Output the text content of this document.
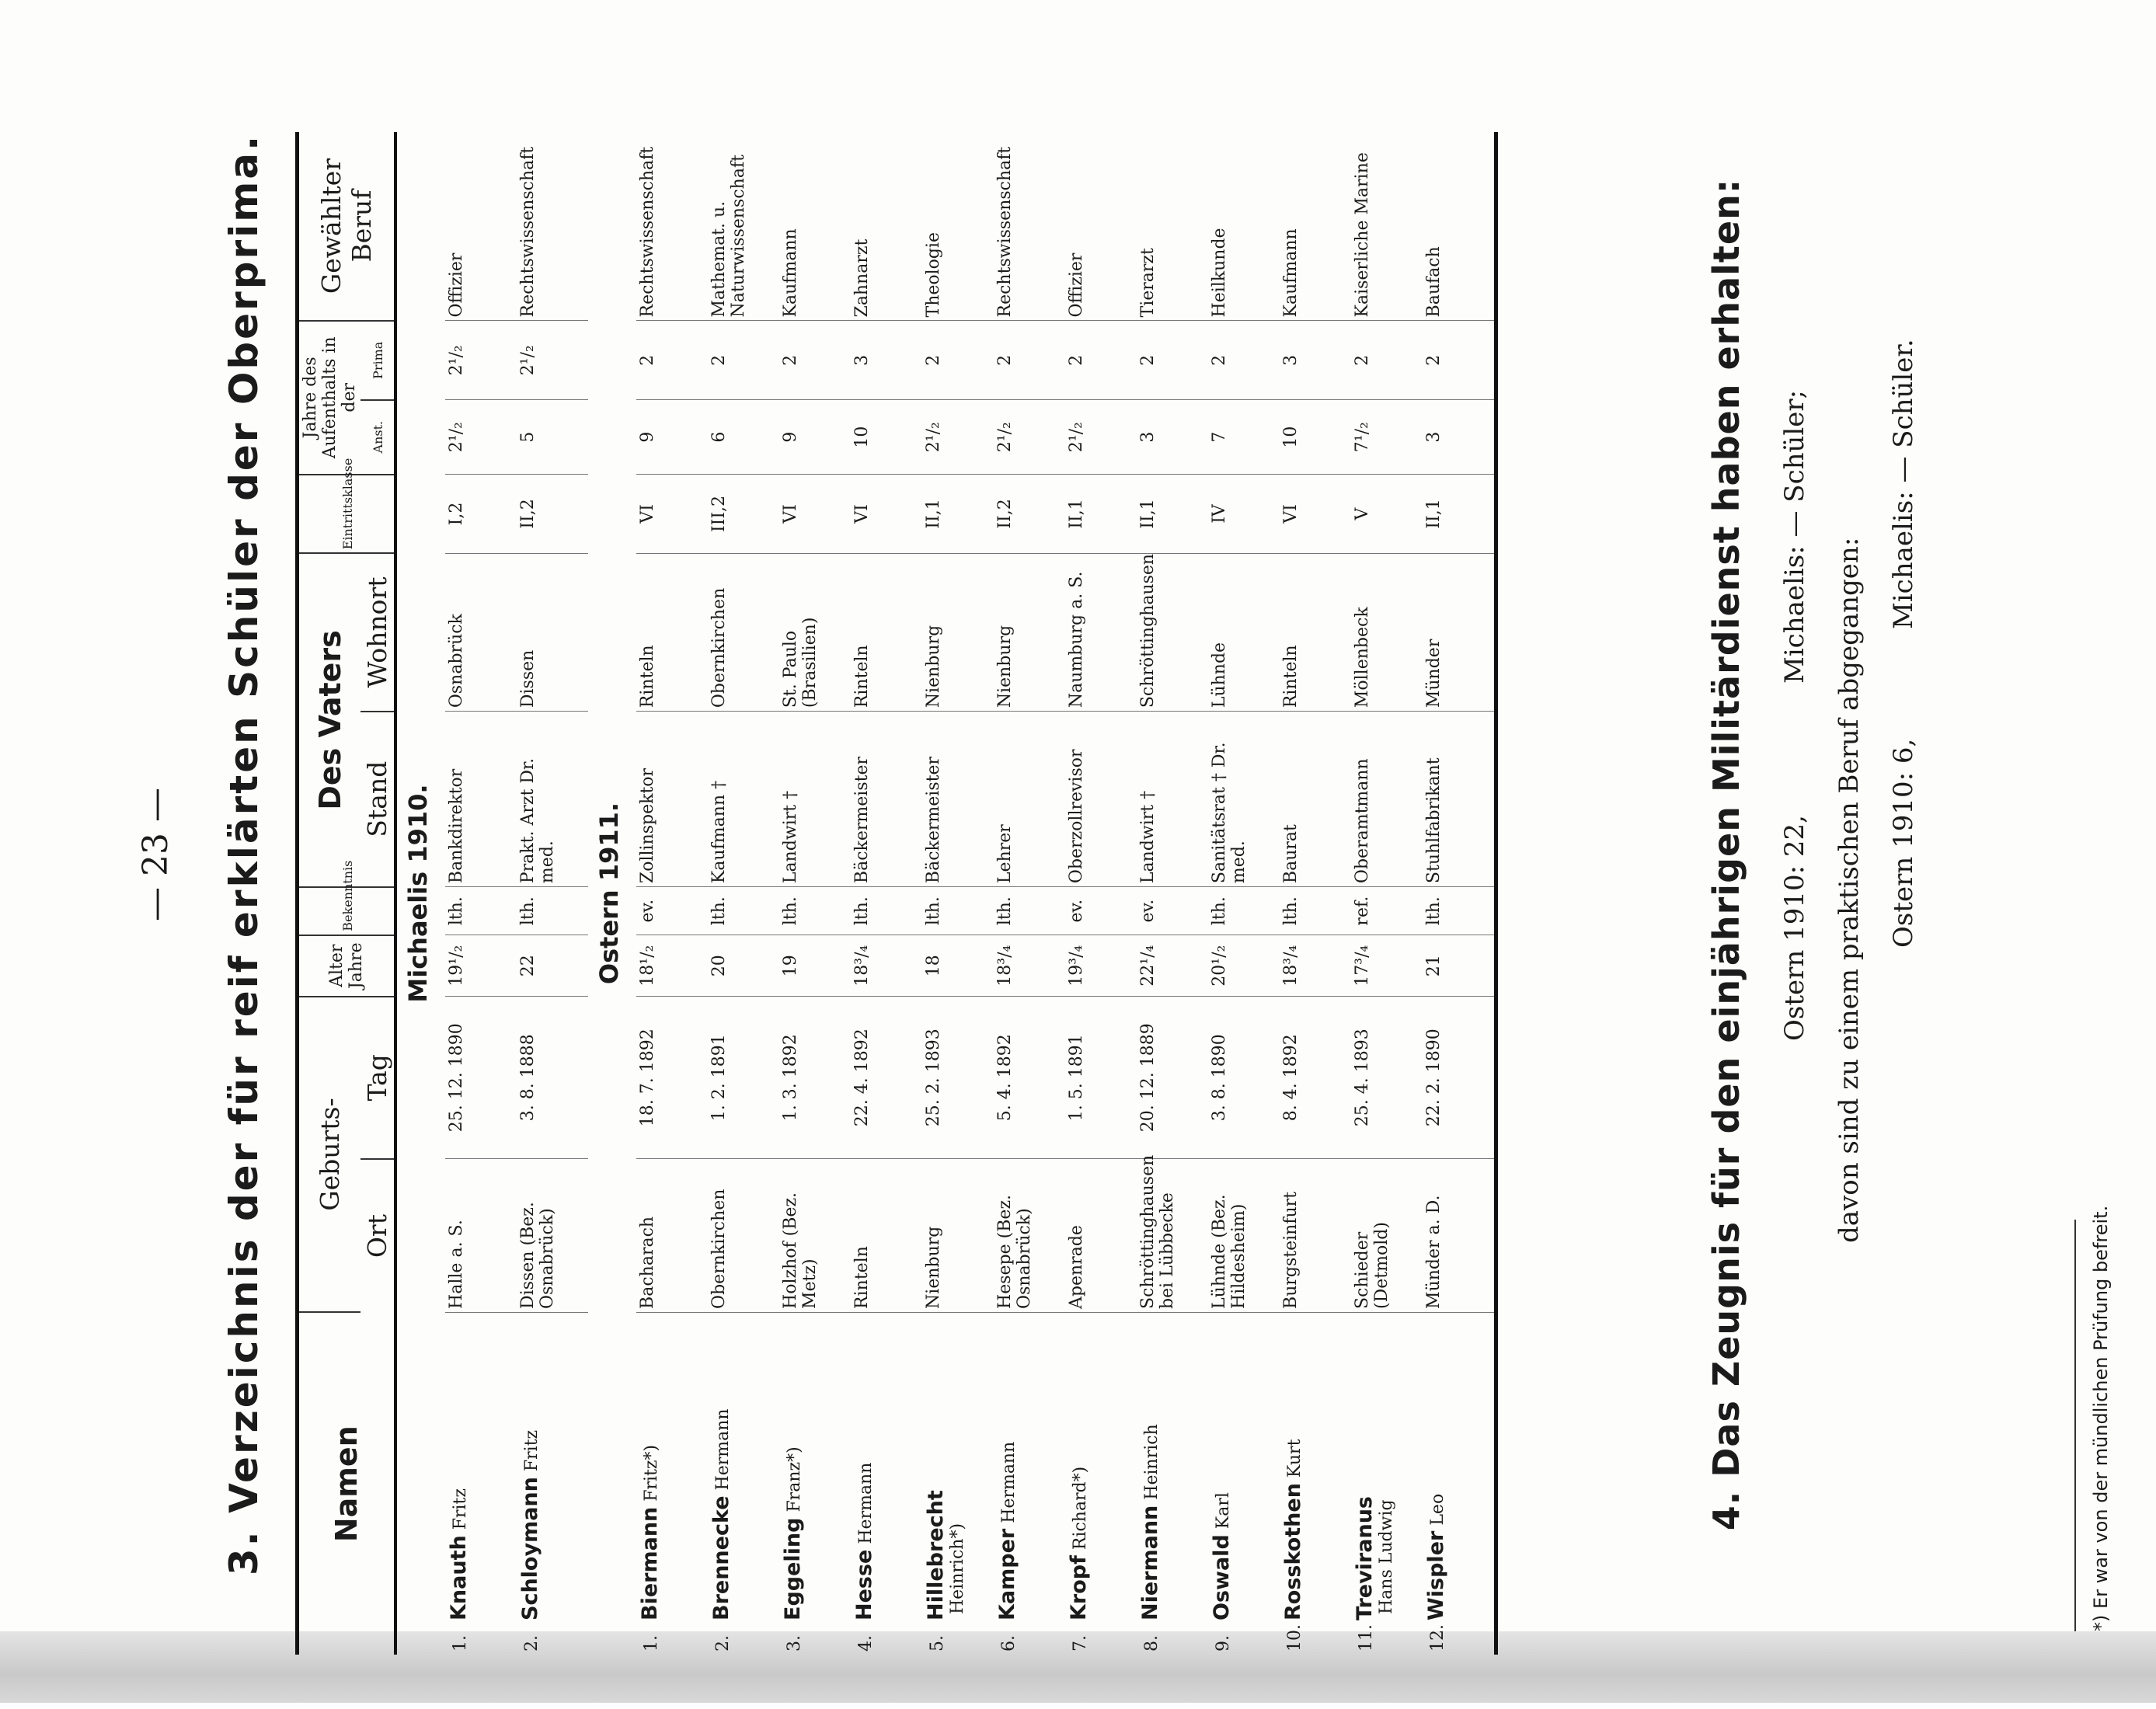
— 23 — 3. Verzeichnis der für reif erklärten Schüler der Oberprima. Namen	Geburts-		Alter
Jahre	Bekenntnis	Des Vaters		Eintrittsklasse	Jahre des Aufenthalts in der		Gewählter Beruf
	Ort	Tag			Stand	Wohnort		Anst.	Prima	

Michaelis 1910.										

1.Knauth Fritz	Halle a. S.	25. 12. 1890	19¹/₂	lth.	Bankdirektor	Osnabrück	I,2	2¹/₂	2¹/₂	Offizier
2.Schloymann Fritz	Dissen (Bez. Osnabrück)	3. 8. 1888	22	lth.	Prakt. Arzt Dr. med.	Dissen	II,2	5	2¹/₂	Rechtswissenschaft

Ostern 1911.										

1.Biermann Fritz*)	Bacharach	18. 7. 1892	18¹/₂	ev.	Zollinspektor	Rinteln	VI	9	2	Rechtswissenschaft
2.Brennecke Hermann	Obernkirchen	1. 2. 1891	20	lth.	Kaufmann †	Obernkirchen	III,2	6	2	Mathemat. u. Naturwissenschaft
3.Eggeling Franz*)	Holzhof (Bez. Metz)	1. 3. 1892	19	lth.	Landwirt †	St. Paulo (Brasilien)	VI	9	2	Kaufmann
4.Hesse Hermann	Rinteln	22. 4. 1892	18³/₄	lth.	Bäckermeister	Rinteln	VI	10	3	Zahnarzt
5.Hillebrecht Heinrich*)	Nienburg	25. 2. 1893	18	lth.	Bäckermeister	Nienburg	II,1	2¹/₂	2	Theologie
6.Kamper Hermann	Hesepe (Bez. Osnabrück)	5. 4. 1892	18³/₄	lth.	Lehrer	Nienburg	II,2	2¹/₂	2	Rechtswissenschaft
7.Kropf Richard*)	Apenrade	1. 5. 1891	19³/₄	ev.	Oberzollrevisor	Naumburg a. S.	II,1	2¹/₂	2	Offizier
8.Niermann Heinrich	Schröttinghausen bei Lübbecke	20. 12. 1889	22¹/₄	ev.	Landwirt †	Schröttinghausen	II,1	3	2	Tierarzt
9.Oswald Karl	Lühnde (Bez. Hildesheim)	3. 8. 1890	20¹/₂	lth.	Sanitätsrat † Dr. med.	Lühnde	IV	7	2	Heilkunde
10.Rosskothen Kurt	Burgsteinfurt	8. 4. 1892	18³/₄	lth.	Baurat	Rinteln	VI	10	3	Kaufmann
11.Treviranus Hans Ludwig	Schieder (Detmold)	25. 4. 1893	17³/₄	ref.	Oberamtmann	Möllenbeck	V	7¹/₂	2	Kaiserliche Marine
12.Wispler Leo	Münder a. D.	22. 2. 1890	21	lth.	Stuhlfabrikant	Münder	II,1	3	2	Baufach	4. Das Zeugnis für den einjährigen Militärdienst haben erhalten: Ostern 1910: 22,
Michaelis: — Schüler;
davon sind zu einem praktischen Beruf abgegangen: Ostern 1910: 6,
Michaelis: — Schüler.
*) Er war von der mündlichen Prüfung befreit.
